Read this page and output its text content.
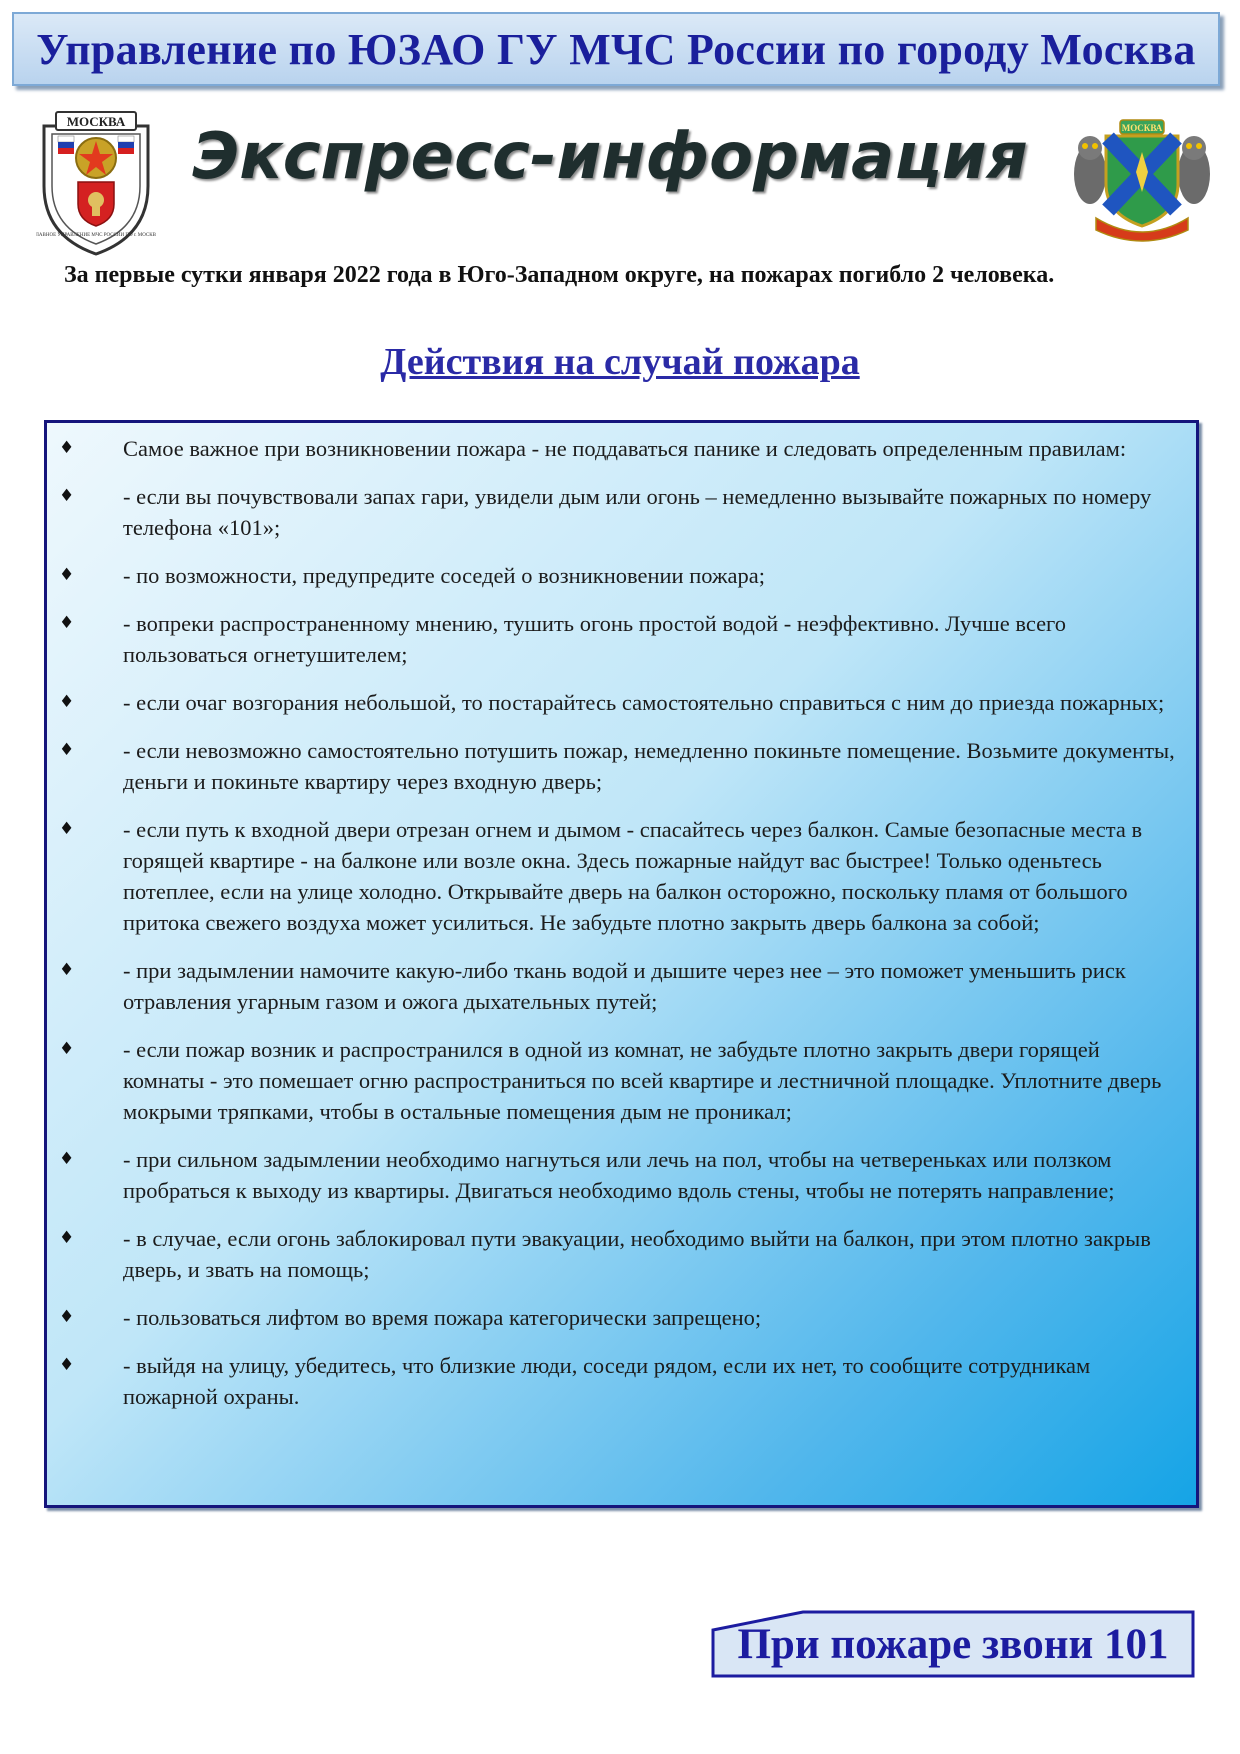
Управление по ЮЗАО ГУ МЧС России по городу Москва
МОСКВА
ГЛАВНОЕ УПРАВЛЕНИЕ МЧС РОССИИ ПО г. МОСКВЕ
Экспресс-информация	МОСКВА
За первые сутки января 2022 года в Юго-Западном округе, на пожарах погибло 2 человека.
Действия на случай пожара
♦	Самое важное при возникновении пожара - не поддаваться панике и следовать определенным правилам:
♦	- если вы почувствовали запах гари, увидели дым или огонь – немедленно вызывайте пожарных по номеру телефона «101»;
♦	- по возможности, предупредите соседей о возникновении пожара;
♦	- вопреки распространенному мнению, тушить огонь простой водой - неэффективно. Лучше всего пользоваться огнетушителем;
♦	- если очаг возгорания небольшой, то постарайтесь самостоятельно справиться с ним до приезда пожарных;
♦	- если невозможно самостоятельно потушить пожар, немедленно покиньте помещение. Возьмите документы, деньги и покиньте квартиру через входную дверь;
♦	- если путь к входной двери отрезан огнем и дымом - спасайтесь через балкон. Самые безопасные места в горящей квартире - на балконе или возле окна. Здесь пожарные найдут вас быстрее! Только оденьтесь потеплее, если на улице холодно. Открывайте дверь на балкон осторожно, поскольку пламя от большого притока свежего воздуха может усилиться. Не забудьте плотно закрыть дверь балкона за собой;
♦	- при задымлении намочите какую-либо ткань водой и дышите через нее – это поможет уменьшить риск отравления угарным газом и ожога дыхательных путей;
♦	- если пожар возник и распространился в одной из комнат, не забудьте плотно закрыть двери горящей комнаты - это помешает огню распространиться по всей квартире и лестничной площадке. Уплотните дверь мокрыми тряпками, чтобы в остальные помещения дым не проникал;
♦	- при сильном задымлении необходимо нагнуться или лечь на пол, чтобы на четвереньках или ползком пробраться к выходу из квартиры. Двигаться необходимо вдоль стены, чтобы не потерять направление;
♦	- в случае, если огонь заблокировал пути эвакуации, необходимо выйти на балкон, при этом плотно закрыв дверь, и звать на помощь;
♦	- пользоваться лифтом во время пожара категорически запрещено;
♦	- выйдя на улицу, убедитесь, что близкие люди, соседи рядом, если их нет, то сообщите сотрудникам пожарной охраны.
При пожаре звони 101
